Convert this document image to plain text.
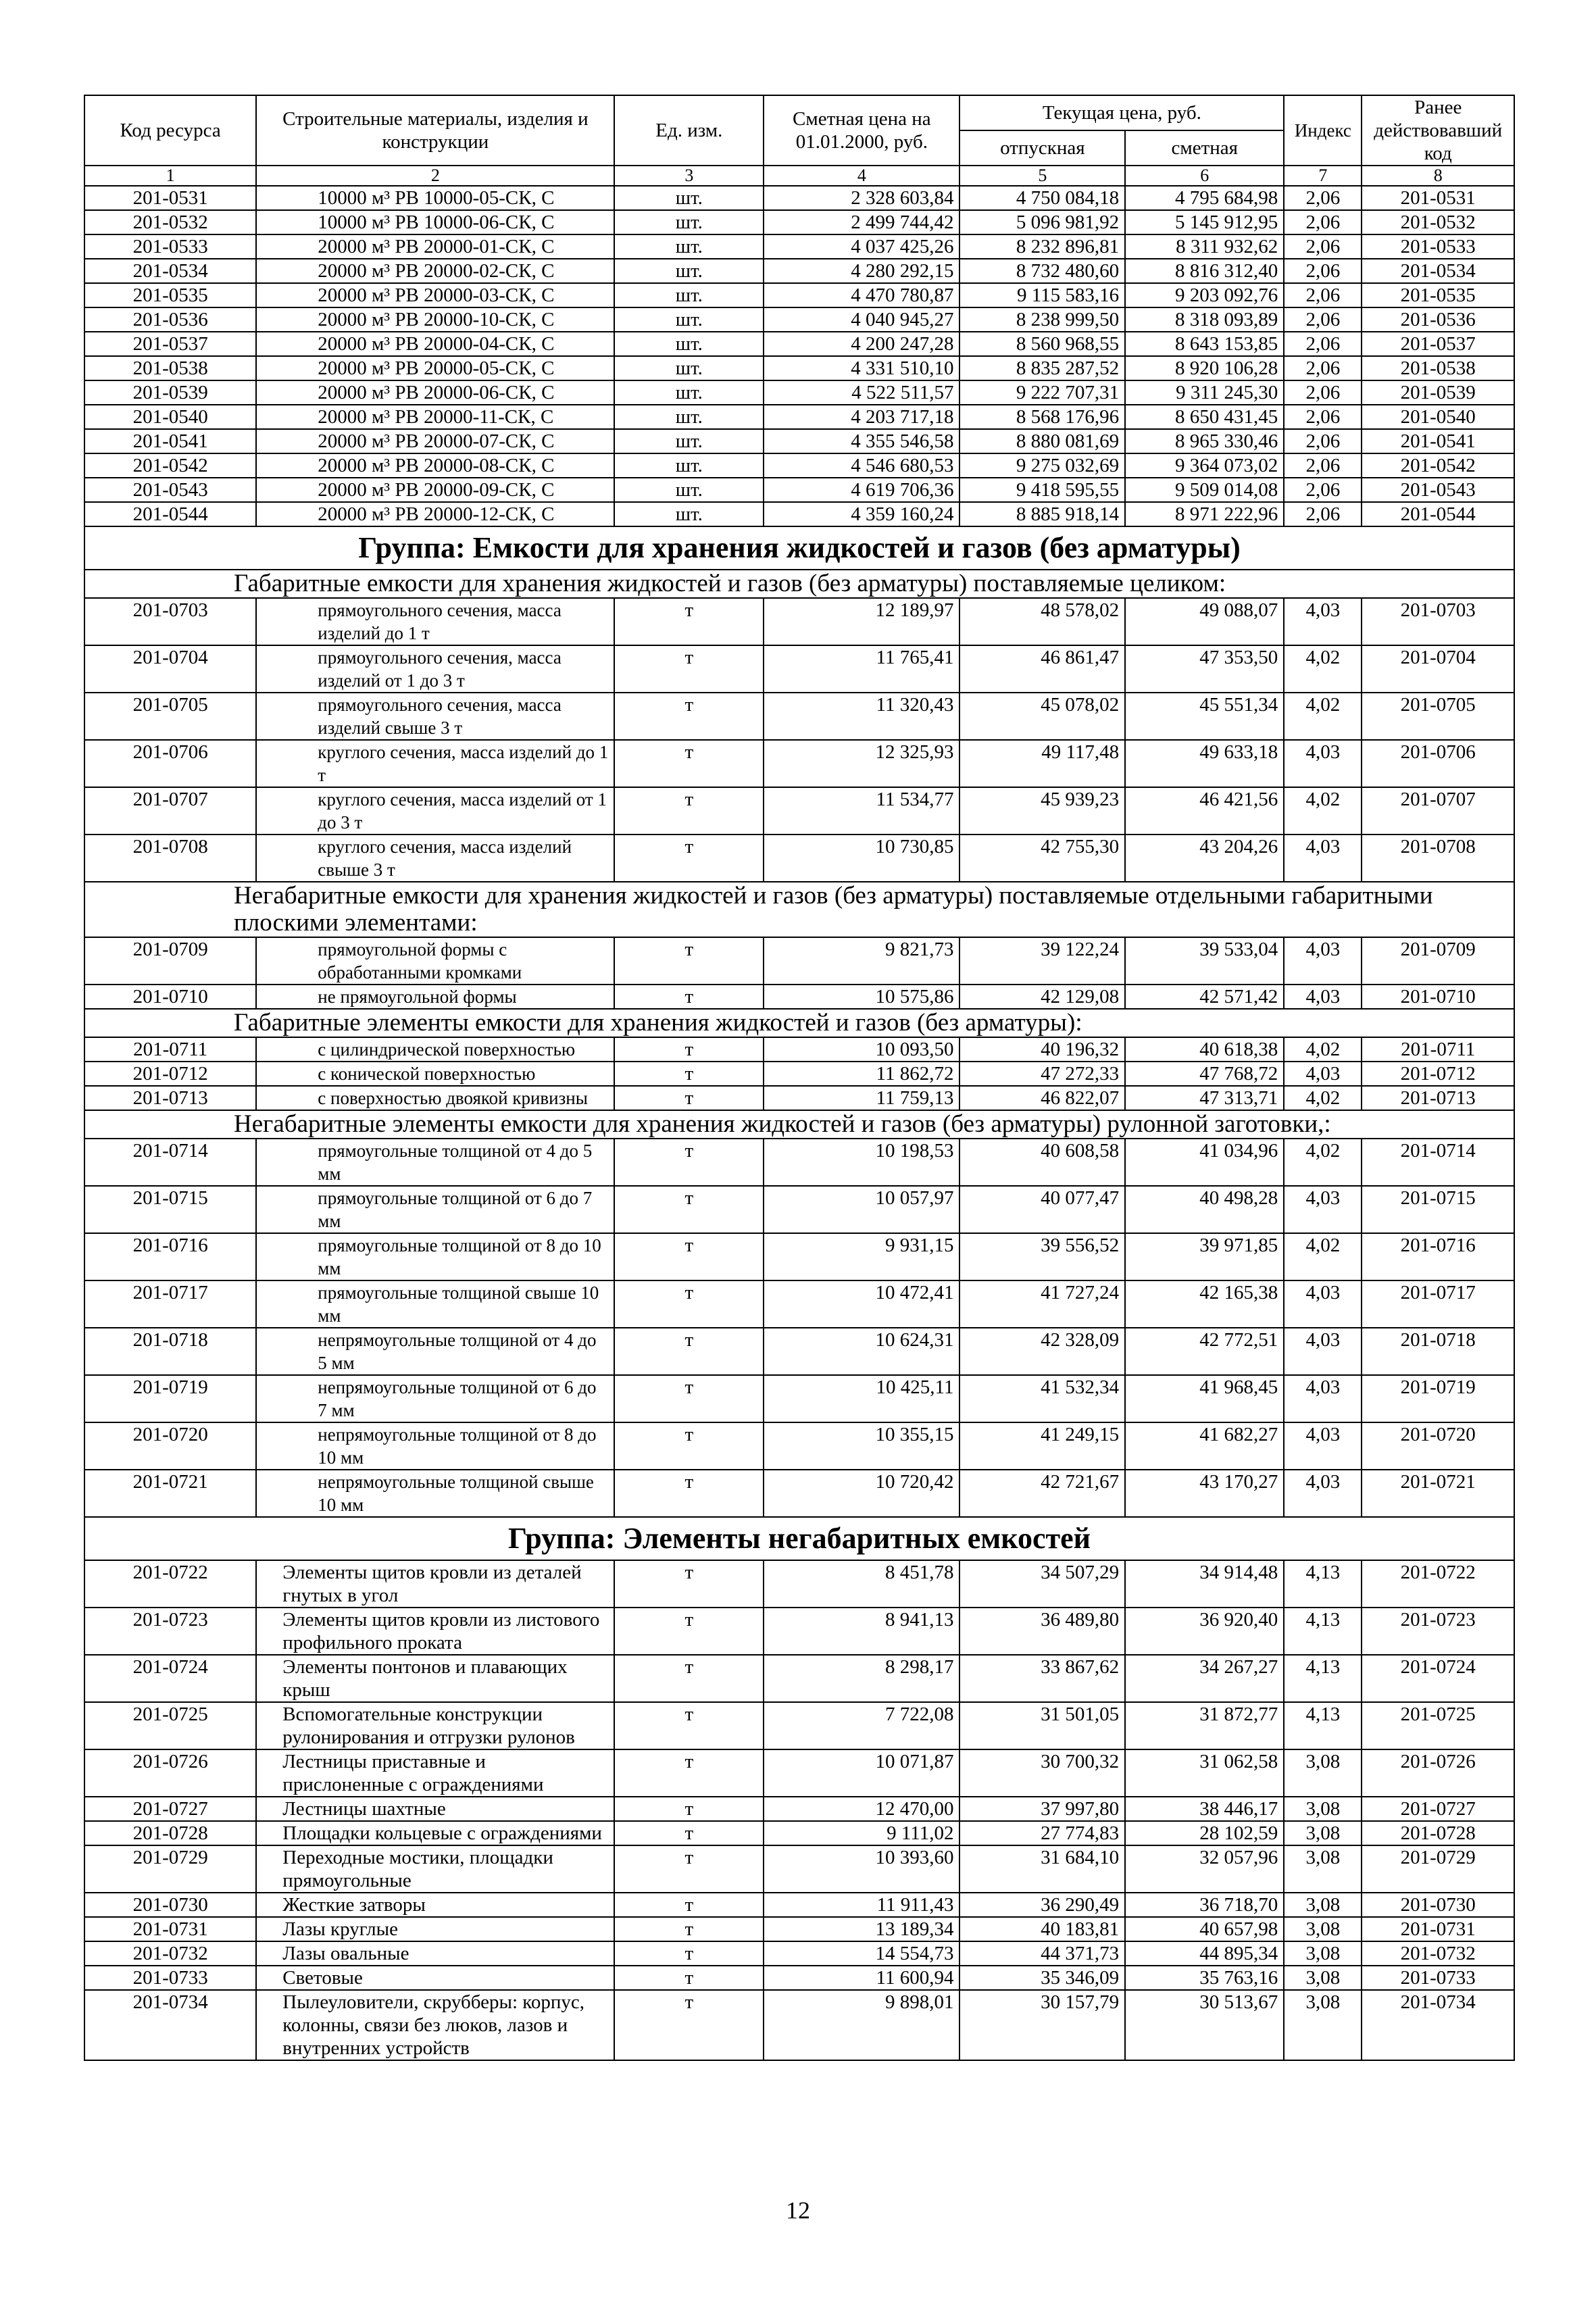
Код ресурса	Строительные материалы, изделия и конструкции	Ед. изм.	Сметная цена на 01.01.2000, руб.	Текущая цена, руб.		Индекс	Ранее действовавший код
				отпускная	сметная		
1	2	3	4	5	6	7	8
201-0531	10000 м³ РВ 10000-05-СК, С	шт.	2 328 603,84	4 750 084,18	4 795 684,98	2,06	201-0531
201-0532	10000 м³ РВ 10000-06-СК, С	шт.	2 499 744,42	5 096 981,92	5 145 912,95	2,06	201-0532
201-0533	20000 м³ РВ 20000-01-СК, С	шт.	4 037 425,26	8 232 896,81	8 311 932,62	2,06	201-0533
201-0534	20000 м³ РВ 20000-02-СК, С	шт.	4 280 292,15	8 732 480,60	8 816 312,40	2,06	201-0534
201-0535	20000 м³ РВ 20000-03-СК, С	шт.	4 470 780,87	9 115 583,16	9 203 092,76	2,06	201-0535
201-0536	20000 м³ РВ 20000-10-СК, С	шт.	4 040 945,27	8 238 999,50	8 318 093,89	2,06	201-0536
201-0537	20000 м³ РВ 20000-04-СК, С	шт.	4 200 247,28	8 560 968,55	8 643 153,85	2,06	201-0537
201-0538	20000 м³ РВ 20000-05-СК, С	шт.	4 331 510,10	8 835 287,52	8 920 106,28	2,06	201-0538
201-0539	20000 м³ РВ 20000-06-СК, С	шт.	4 522 511,57	9 222 707,31	9 311 245,30	2,06	201-0539
201-0540	20000 м³ РВ 20000-11-СК, С	шт.	4 203 717,18	8 568 176,96	8 650 431,45	2,06	201-0540
201-0541	20000 м³ РВ 20000-07-СК, С	шт.	4 355 546,58	8 880 081,69	8 965 330,46	2,06	201-0541
201-0542	20000 м³ РВ 20000-08-СК, С	шт.	4 546 680,53	9 275 032,69	9 364 073,02	2,06	201-0542
201-0543	20000 м³ РВ 20000-09-СК, С	шт.	4 619 706,36	9 418 595,55	9 509 014,08	2,06	201-0543
201-0544	20000 м³ РВ 20000-12-СК, С	шт.	4 359 160,24	8 885 918,14	8 971 222,96	2,06	201-0544
Группа: Емкости для хранения жидкостей и газов (без арматуры)							
Габаритные емкости для хранения жидкостей и газов (без арматуры) поставляемые целиком:							
201-0703	прямоугольного сечения, масса изделий до 1 т	т	12 189,97	48 578,02	49 088,07	4,03	201-0703
201-0704	прямоугольного сечения, масса изделий от 1 до 3 т	т	11 765,41	46 861,47	47 353,50	4,02	201-0704
201-0705	прямоугольного сечения, масса изделий свыше 3 т	т	11 320,43	45 078,02	45 551,34	4,02	201-0705
201-0706	круглого сечения, масса изделий до 1 т	т	12 325,93	49 117,48	49 633,18	4,03	201-0706
201-0707	круглого сечения, масса изделий от 1 до 3 т	т	11 534,77	45 939,23	46 421,56	4,02	201-0707
201-0708	круглого сечения, масса изделий свыше 3 т	т	10 730,85	42 755,30	43 204,26	4,03	201-0708
Негабаритные емкости для хранения жидкостей и газов (без арматуры) поставляемые отдельными габаритными плоскими элементами:							
201-0709	прямоугольной формы с обработанными кромками	т	9 821,73	39 122,24	39 533,04	4,03	201-0709
201-0710	не прямоугольной формы	т	10 575,86	42 129,08	42 571,42	4,03	201-0710
Габаритные элементы емкости для хранения жидкостей и газов (без арматуры):							
201-0711	с цилиндрической поверхностью	т	10 093,50	40 196,32	40 618,38	4,02	201-0711
201-0712	с конической поверхностью	т	11 862,72	47 272,33	47 768,72	4,03	201-0712
201-0713	с поверхностью двоякой кривизны	т	11 759,13	46 822,07	47 313,71	4,02	201-0713
Негабаритные элементы емкости для хранения жидкостей и газов (без арматуры) рулонной заготовки,:							
201-0714	прямоугольные толщиной от 4 до 5 мм	т	10 198,53	40 608,58	41 034,96	4,02	201-0714
201-0715	прямоугольные толщиной от 6 до 7 мм	т	10 057,97	40 077,47	40 498,28	4,03	201-0715
201-0716	прямоугольные толщиной от 8 до 10 мм	т	9 931,15	39 556,52	39 971,85	4,02	201-0716
201-0717	прямоугольные толщиной свыше 10 мм	т	10 472,41	41 727,24	42 165,38	4,03	201-0717
201-0718	непрямоугольные толщиной от 4 до 5 мм	т	10 624,31	42 328,09	42 772,51	4,03	201-0718
201-0719	непрямоугольные толщиной от 6 до 7 мм	т	10 425,11	41 532,34	41 968,45	4,03	201-0719
201-0720	непрямоугольные толщиной от 8 до 10 мм	т	10 355,15	41 249,15	41 682,27	4,03	201-0720
201-0721	непрямоугольные толщиной свыше 10 мм	т	10 720,42	42 721,67	43 170,27	4,03	201-0721
Группа: Элементы негабаритных емкостей							
201-0722	Элементы щитов кровли из деталей гнутых в угол	т	8 451,78	34 507,29	34 914,48	4,13	201-0722
201-0723	Элементы щитов кровли из листового профильного проката	т	8 941,13	36 489,80	36 920,40	4,13	201-0723
201-0724	Элементы понтонов и плавающих крыш	т	8 298,17	33 867,62	34 267,27	4,13	201-0724
201-0725	Вспомогательные конструкции рулонирования и отгрузки рулонов	т	7 722,08	31 501,05	31 872,77	4,13	201-0725
201-0726	Лестницы приставные и прислоненные с ограждениями	т	10 071,87	30 700,32	31 062,58	3,08	201-0726
201-0727	Лестницы шахтные	т	12 470,00	37 997,80	38 446,17	3,08	201-0727
201-0728	Площадки кольцевые с ограждениями	т	9 111,02	27 774,83	28 102,59	3,08	201-0728
201-0729	Переходные мостики, площадки прямоугольные	т	10 393,60	31 684,10	32 057,96	3,08	201-0729
201-0730	Жесткие затворы	т	11 911,43	36 290,49	36 718,70	3,08	201-0730
201-0731	Лазы круглые	т	13 189,34	40 183,81	40 657,98	3,08	201-0731
201-0732	Лазы овальные	т	14 554,73	44 371,73	44 895,34	3,08	201-0732
201-0733	Световые	т	11 600,94	35 346,09	35 763,16	3,08	201-0733
201-0734	Пылеуловители, скрубберы: корпус, колонны, связи без люков, лазов и внутренних устройств	т	9 898,01	30 157,79	30 513,67	3,08	201-0734
12
